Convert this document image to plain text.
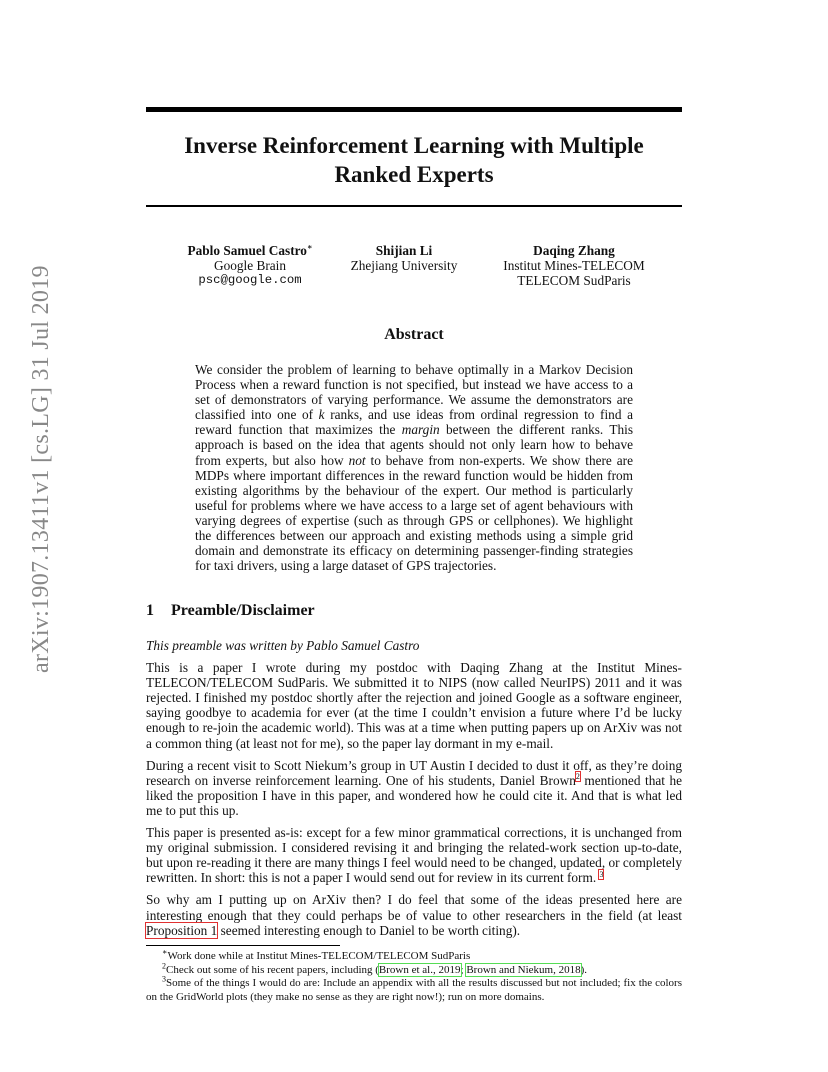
arXiv:1907.13411v1 [cs.LG] 31 Jul 2019
Inverse Reinforcement Learning with Multiple
Ranked Experts
Pablo Samuel Castro∗
Google Brain
psc@google.com
Shijian Li
Zhejiang University
Daqing Zhang
Institut Mines-TELECOM
TELECOM SudParis
Abstract

We consider the problem of learning to behave optimally in a Markov Decision Process when a reward function is not specified, but instead we have access to a set of demonstrators of varying performance. We assume the demonstrators are classified into one of k ranks, and use ideas from ordinal regression to find a reward function that maximizes the margin between the different ranks. This approach is based on the idea that agents should not only learn how to behave from experts, but also how not to behave from non-experts. We show there are MDPs where important differences in the reward function would be hidden from existing algorithms by the behaviour of the expert. Our method is particularly useful for problems where we have access to a large set of agent behaviours with varying degrees of expertise (such as through GPS or cellphones). We highlight the differences between our approach and existing methods using a simple grid domain and demonstrate its efficacy on determining passenger-finding strategies for taxi drivers, using a large dataset of GPS trajectories.

1 Preamble/Disclaimer

This preamble was written by Pablo Samuel Castro

This is a paper I wrote during my postdoc with Daqing Zhang at the Institut Mines-TELECON/TELECOM SudParis. We submitted it to NIPS (now called NeurIPS) 2011 and it was rejected. I finished my postdoc shortly after the rejection and joined Google as a software engineer, saying goodbye to academia for ever (at the time I couldn’t envision a future where I’d be lucky enough to re-join the academic world). This was at a time when putting papers up on ArXiv was not a common thing (at least not for me), so the paper lay dormant in my e-mail.

During a recent visit to Scott Niekum’s group in UT Austin I decided to dust it off, as they’re doing research on inverse reinforcement learning. One of his students, Daniel Brown$^2$ mentioned that he liked the proposition I have in this paper, and wondered how he could cite it. And that is what led me to put this up.

This paper is presented as-is: except for a few minor grammatical corrections, it is unchanged from my original submission. I considered revising it and bringing the related-work section up-to-date, but upon re-reading it there are many things I feel would need to be changed, updated, or completely rewritten. In short: this is not a paper I would send out for review in its current form. $^3$

So why am I putting up on ArXiv then? I do feel that some of the ideas presented here are interesting enough that they could perhaps be of value to other researchers in the field (at least Proposition 1 seemed interesting enough to Daniel to be worth citing).

∗Work done while at Institut Mines-TELECOM/TELECOM SudParis
$^2$Check out some of his recent papers, including (Brown et al., 2019; Brown and Niekum, 2018).
$^3$Some of the things I would do are: Include an appendix with all the results discussed but not included; fix the colors on the GridWorld plots (they make no sense as they are right now!); run on more domains.
